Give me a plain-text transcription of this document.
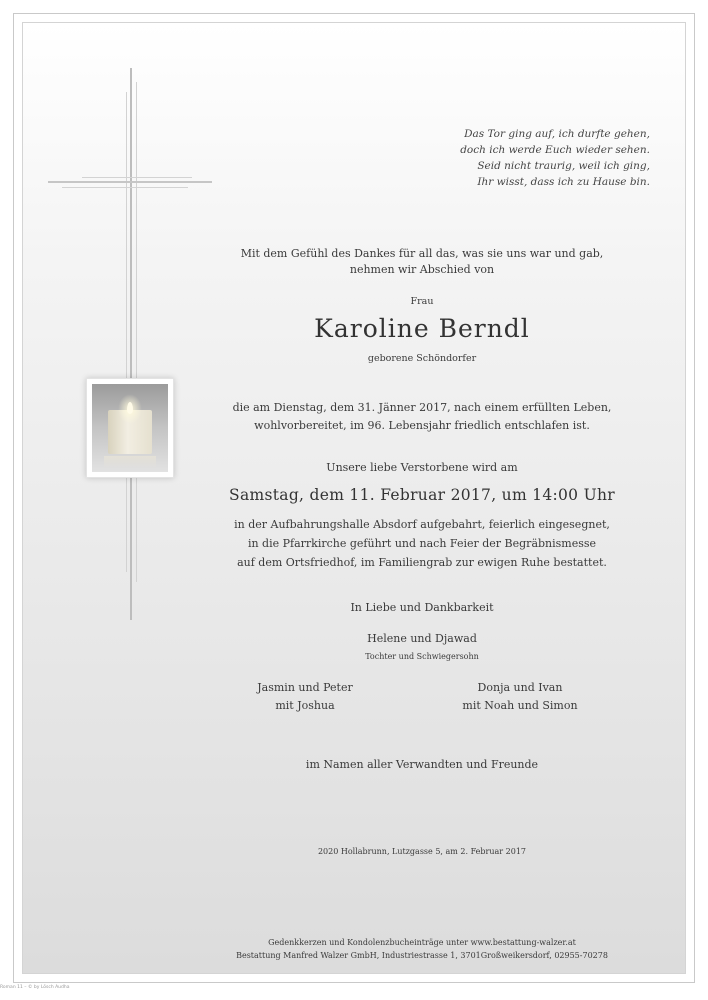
Das Tor ging auf, ich durfte gehen,
doch ich werde Euch wieder sehen.
Seid nicht traurig, weil ich ging,
Ihr wisst, dass ich zu Hause bin.
Mit dem Gefühl des Dankes für all das, was sie uns war und gab,
nehmen wir Abschied von
Frau
Karoline Berndl
geborene Schöndorfer
die am Dienstag, dem 31. Jänner 2017, nach einem erfüllten Leben,
wohlvorbereitet, im 96. Lebensjahr friedlich entschlafen ist.
Unsere liebe Verstorbene wird am
Samstag, dem 11. Februar 2017, um 14:00 Uhr
in der Aufbahrungshalle Absdorf aufgebahrt, feierlich eingesegnet,
in die Pfarrkirche geführt und nach Feier der Begräbnismesse
auf dem Ortsfriedhof, im Familiengrab zur ewigen Ruhe bestattet.
In Liebe und Dankbarkeit
Helene und Djawad
Tochter und Schwiegersohn
Jasmin und Peter
mit Joshua
Donja und Ivan
mit Noah und Simon
im Namen aller Verwandten und Freunde
2020 Hollabrunn, Lutzgasse 5, am 2. Februar 2017
Gedenkkerzen und Kondolenzbucheinträge unter www.bestattung-walzer.at
Bestattung Manfred Walzer GmbH, Industriestrasse 1, 3701Großweikersdorf, 02955-70278
Roman 11 – © by Lösch Audha
